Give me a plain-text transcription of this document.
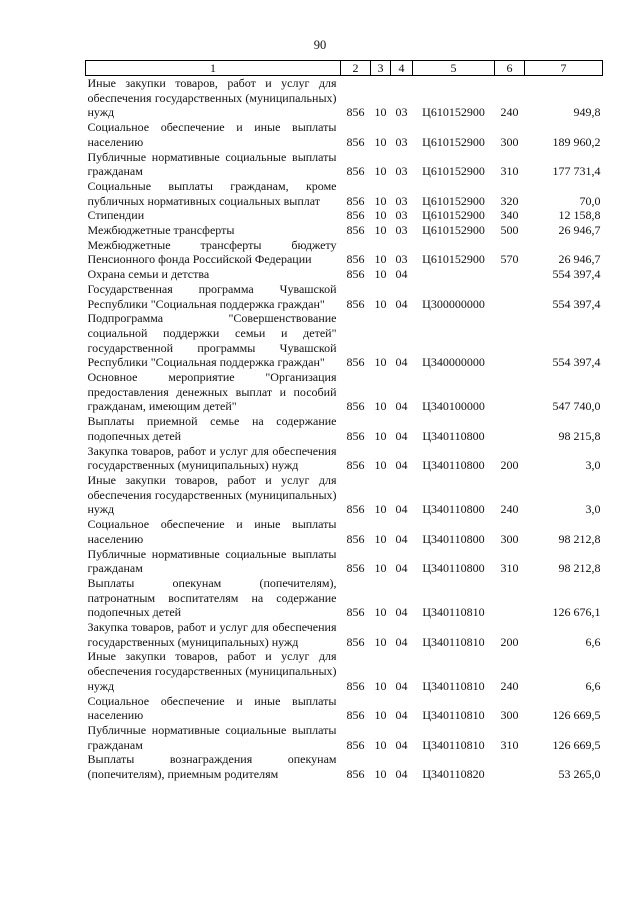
90
1	2	3	4	5	6	7
Иные закупки товаров, работ и услуг для обеспечения государственных (муниципальных) нужд	856	10	03	Ц610152900	240	949,8
Социальное обеспечение и иные выплаты населению	856	10	03	Ц610152900	300	189 960,2
Публичные нормативные социальные выплаты гражданам	856	10	03	Ц610152900	310	177 731,4
Социальные выплаты гражданам, кроме публичных нормативных социальных выплат	856	10	03	Ц610152900	320	70,0
Стипендии	856	10	03	Ц610152900	340	12 158,8
Межбюджетные трансферты	856	10	03	Ц610152900	500	26 946,7
Межбюджетные трансферты бюджету Пенсионного фонда Российской Федерации	856	10	03	Ц610152900	570	26 946,7
Охрана семьи и детства	856	10	04			554 397,4
Государственная программа Чувашской Республики "Социальная поддержка граждан"	856	10	04	Ц300000000		554 397,4
Подпрограмма "Совершенствование социальной поддержки семьи и детей" государственной программы Чувашской Республики "Социальная поддержка граждан"	856	10	04	Ц340000000		554 397,4
Основное мероприятие "Организация предоставления денежных выплат и пособий гражданам, имеющим детей"	856	10	04	Ц340100000		547 740,0
Выплаты приемной семье на содержание подопечных детей	856	10	04	Ц340110800		98 215,8
Закупка товаров, работ и услуг для обеспечения государственных (муниципальных) нужд	856	10	04	Ц340110800	200	3,0
Иные закупки товаров, работ и услуг для обеспечения государственных (муниципальных) нужд	856	10	04	Ц340110800	240	3,0
Социальное обеспечение и иные выплаты населению	856	10	04	Ц340110800	300	98 212,8
Публичные нормативные социальные выплаты гражданам	856	10	04	Ц340110800	310	98 212,8
Выплаты опекунам (попечителям), патронатным воспитателям на содержание подопечных детей	856	10	04	Ц340110810		126 676,1
Закупка товаров, работ и услуг для обеспечения государственных (муниципальных) нужд	856	10	04	Ц340110810	200	6,6
Иные закупки товаров, работ и услуг для обеспечения государственных (муниципальных) нужд	856	10	04	Ц340110810	240	6,6
Социальное обеспечение и иные выплаты населению	856	10	04	Ц340110810	300	126 669,5
Публичные нормативные социальные выплаты гражданам	856	10	04	Ц340110810	310	126 669,5
Выплаты вознаграждения опекунам (попечителям), приемным родителям	856	10	04	Ц340110820		53 265,0
